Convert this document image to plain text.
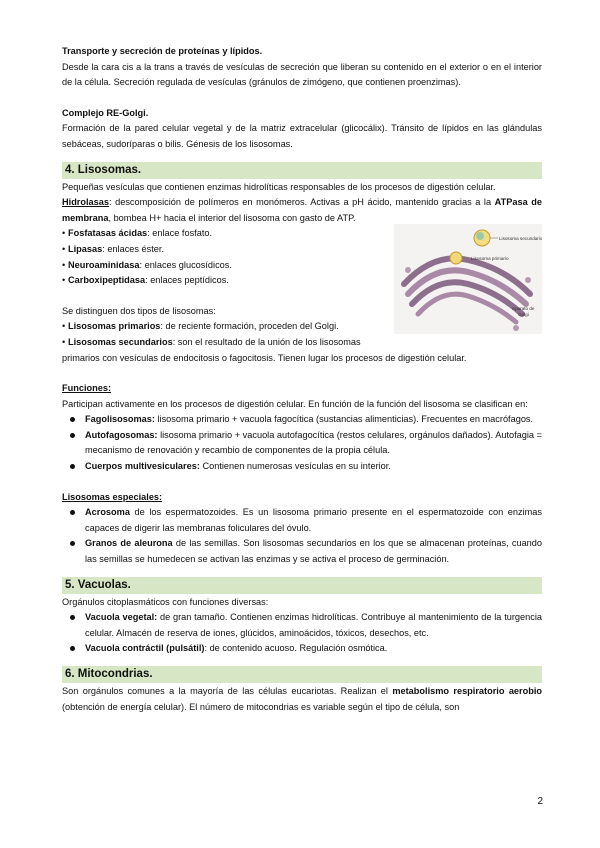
Transporte y secreción de proteínas y lípidos.

Desde la cara cis a la trans a través de vesículas de secreción que liberan su contenido en el exterior o en el interior de la célula. Secreción regulada de vesículas (gránulos de zimógeno, que contienen proenzimas).

Complejo RE-Golgi.

Formación de la pared celular vegetal y de la matriz extracelular (glicocálix). Tránsito de lípidos en las glándulas sebáceas, sudoríparas o bilis. Génesis de los lisosomas.

4. Lisosomas.

Pequeñas vesículas que contienen enzimas hidrolíticas responsables de los procesos de digestión celular.

Hidrolasas: descomposición de polímeros en monómeros. Activas a pH ácido, mantenido gracias a la ATPasa de membrana, bombea H+ hacia el interior del lisosoma con gasto de ATP.

Lisosoma secundario
Lisosoma primario
Aparato de
Golgi
• Fosfatasas ácidas: enlace fosfato.
• Lipasas: enlaces éster.
• Neuroaminidasa: enlaces glucosídicos.
• Carboxipeptidasa: enlaces peptídicos.

Se distinguen dos tipos de lisosomas:

• Lisosomas primarios: de reciente formación, proceden del Golgi.
• Lisosomas secundarios: son el resultado de la unión de los lisosomas

primarios con vesículas de endocitosis o fagocitosis. Tienen lugar los procesos de digestión celular.

Funciones:

Participan activamente en los procesos de digestión celular. En función de la función del lisosoma se clasifican en:

Fagolisosomas: lisosoma primario + vacuola fagocítica (sustancias alimenticias). Frecuentes en macrófagos.
Autofagosomas: lisosoma primario + vacuola autofagocítica (restos celulares, orgánulos dañados). Autofagia = mecanismo de renovación y recambio de componentes de la propia célula.
Cuerpos multivesiculares: Contienen numerosas vesículas en su interior.

Lisosomas especiales:

Acrosoma de los espermatozoides. Es un lisosoma primario presente en el espermatozoide con enzimas capaces de digerir las membranas foliculares del óvulo.
Granos de aleurona de las semillas. Son lisosomas secundarios en los que se almacenan proteínas, cuando las semillas se humedecen se activan las enzimas y se activa el proceso de germinación.
5. Vacuolas.

Orgánulos citoplasmáticos con funciones diversas:

Vacuola vegetal: de gran tamaño. Contienen enzimas hidrolíticas. Contribuye al mantenimiento de la turgencia celular. Almacén de reserva de iones, glúcidos, aminoácidos, tóxicos, desechos, etc.
Vacuola contráctil (pulsátil): de contenido acuoso. Regulación osmótica.
6. Mitocondrias.

Son orgánulos comunes a la mayoría de las células eucariotas. Realizan el metabolismo respiratorio aerobio (obtención de energía celular). El número de mitocondrias es variable según el tipo de célula, son

2
